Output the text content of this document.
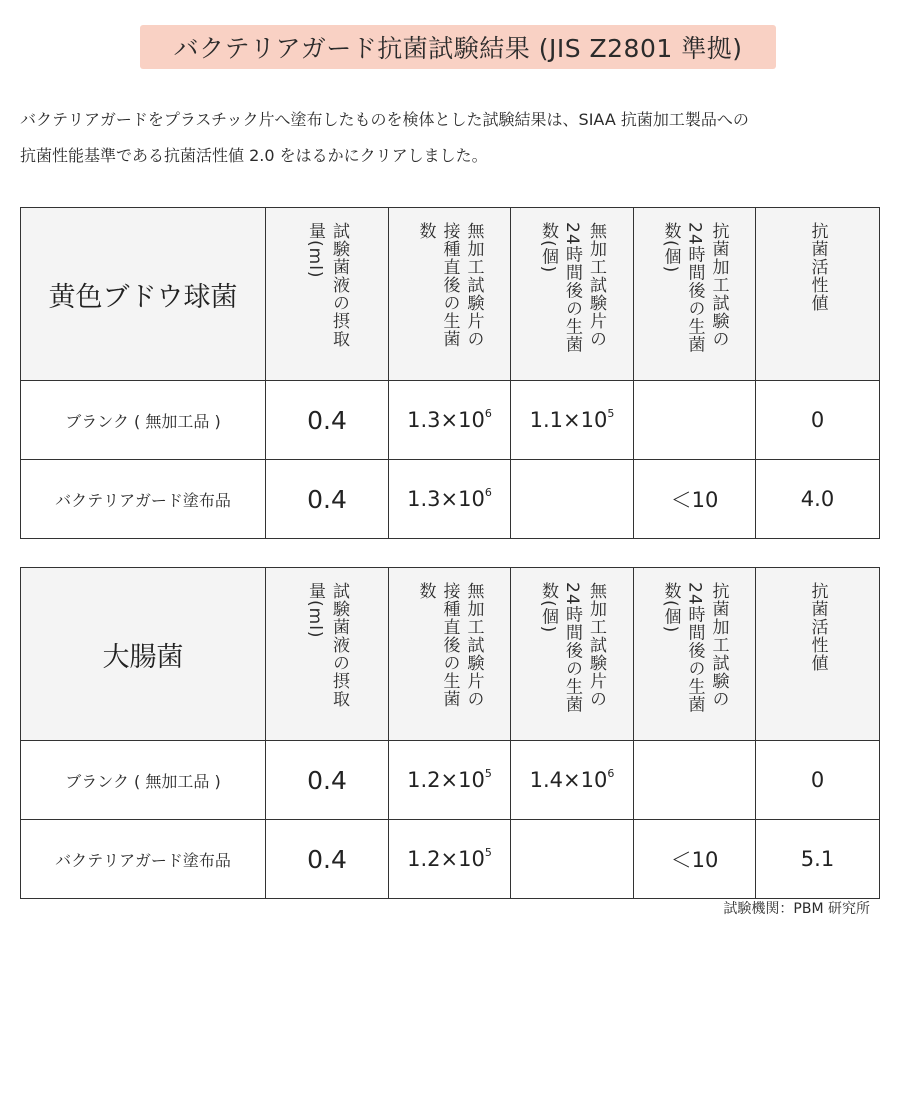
バクテリアガード抗菌試験結果 (JIS Z2801 準拠)

バクテリアガードをプラスチック片へ塗布したものを検体とした試験結果は、SIAA 抗菌加工製品への

抗菌性能基準である抗菌活性値 2.0 をはるかにクリアしました。

黄色ブドウ球菌	試験菌液の摂取量(ml)	無加工試験片の接種直後の生菌数	無加工試験片の24時間後の生菌数(個)	抗菌加工試験の24時間後の生菌数(個)	抗菌活性値
ブランク ( 無加工品 )	0.4	$1.3\times 10^6$	$1.1\times 10^5$		0
バクテリアガード塗布品	0.4	$1.3\times 10^6$		＜10	4.0
大腸菌	試験菌液の摂取量(ml)	無加工試験片の接種直後の生菌数	無加工試験片の24時間後の生菌数(個)	抗菌加工試験の24時間後の生菌数(個)	抗菌活性値
ブランク ( 無加工品 )	0.4	$1.2\times 10^5$	$1.4\times 10^6$		0
バクテリアガード塗布品	0.4	$1.2\times 10^5$		＜10	5.1
試験機関：PBM 研究所
